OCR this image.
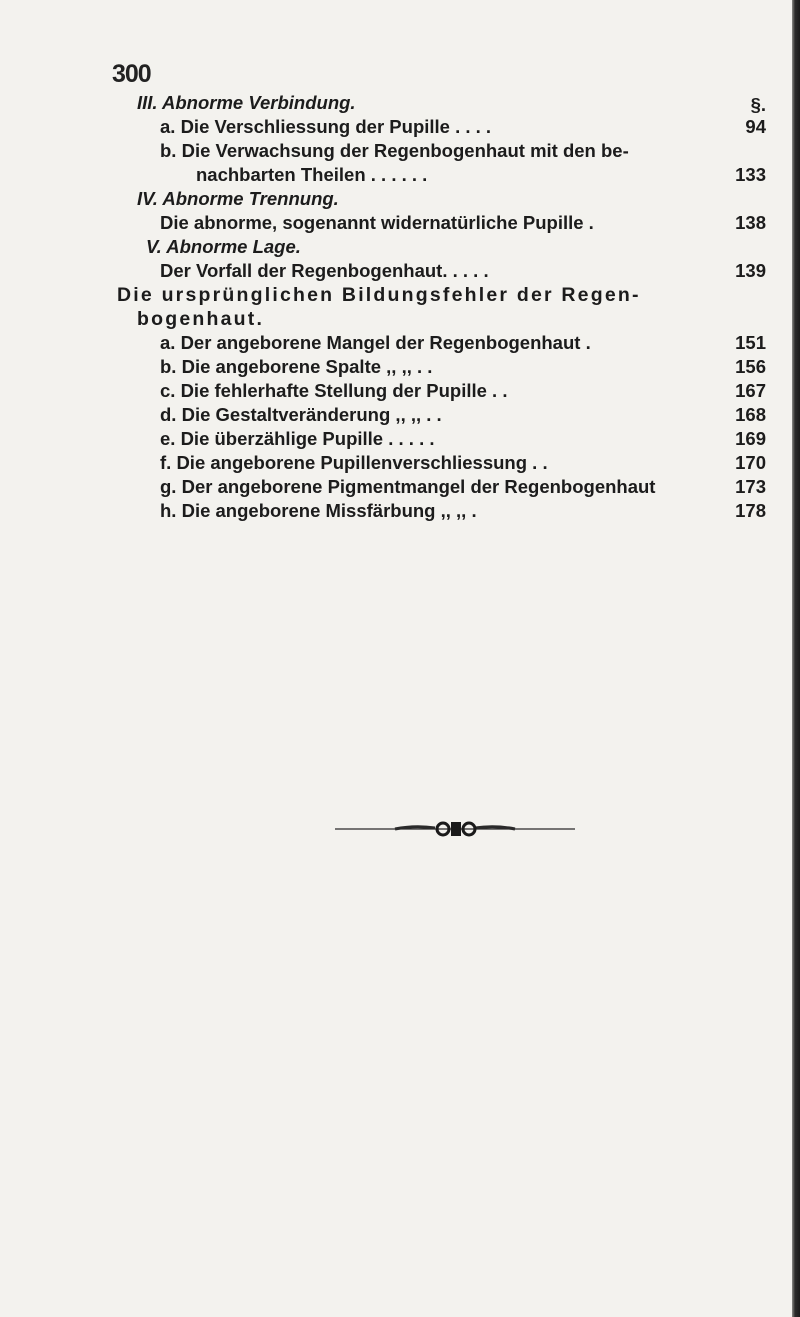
300
III. Abnorme Verbindung.	§.
a. Die Verschliessung der Pupille . . . .	94
b. Die Verwachsung der Regenbogenhaut mit den be-
nachbarten Theilen . . . . . .	133
IV. Abnorme Trennung.
Die abnorme, sogenannt widernatürliche Pupille .	138
V. Abnorme Lage.
Der Vorfall der Regenbogenhaut. . . . .	139
Die ursprünglichen Bildungsfehler der Regen-
bogenhaut.
a. Der angeborene Mangel der Regenbogenhaut .	151
b. Die angeborene Spalte ,, ,, . .	156
c. Die fehlerhafte Stellung der Pupille . .	167
d. Die Gestaltveränderung ,, ,, . .	168
e. Die überzählige Pupille . . . . .	169
f. Die angeborene Pupillenverschliessung . .	170
g. Der angeborene Pigmentmangel der Regenbogenhaut	173
h. Die angeborene Missfärbung ,, ,, .	178
